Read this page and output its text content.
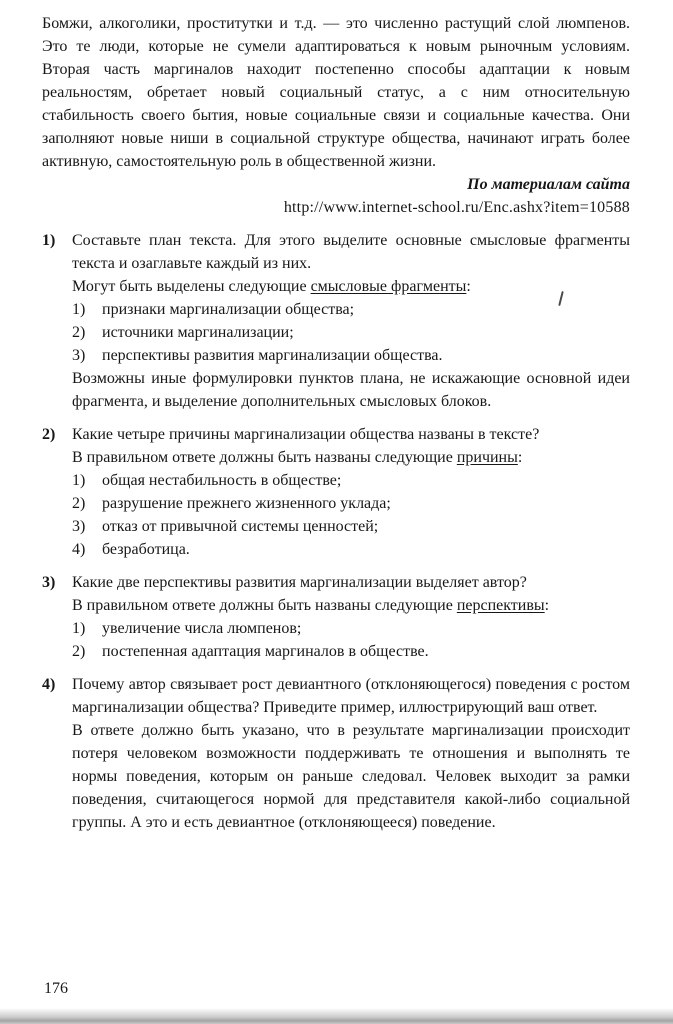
Бомжи, алкоголики, проститутки и т.д. — это численно растущий слой люмпенов. Это те люди, которые не сумели адаптироваться к новым рыночным условиям. Вторая часть маргиналов находит постепенно способы адаптации к новым реальностям, обретает новый социальный статус, а с ним относительную стабильность своего бытия, новые социальные связи и социальные качества. Они заполняют новые ниши в социальной структуре общества, начинают играть более активную, самостоятельную роль в общественной жизни.

По материалам сайта

http://www.internet-school.ru/Enc.ashx?item=10588

1)	Составьте план текста. Для этого выделите основные смысловые фрагменты текста и озаглавьте каждый из них.

Могут быть выделены следующие смысловые фрагменты:

1)	признаки маргинализации общества;
2)	источники маргинализации;
3)	перспективы развития маргинализации общества.

Возможны иные формулировки пунктов плана, не искажающие основной идеи фрагмента, и выделение дополнительных смысловых блоков.

2)	Какие четыре причины маргинализации общества названы в тексте?

В правильном ответе должны быть названы следующие причины:

1)	общая нестабильность в обществе;
2)	разрушение прежнего жизненного уклада;
3)	отказ от привычной системы ценностей;
4)	безработица.
3)	Какие две перспективы развития маргинализации выделяет автор?

В правильном ответе должны быть названы следующие перспективы:

1)	увеличение числа люмпенов;
2)	постепенная адаптация маргиналов в обществе.
4)	Почему автор связывает рост девиантного (отклоняющегося) поведения с ростом маргинализации общества? Приведите пример, иллюстрирующий ваш ответ.

В ответе должно быть указано, что в результате маргинализации происходит потеря человеком возможности поддерживать те отношения и выполнять те нормы поведения, которым он раньше следовал. Человек выходит за рамки поведения, считающегося нормой для представителя какой-либо социальной группы. А это и есть девиантное (отклоняющееся) поведение.

176
